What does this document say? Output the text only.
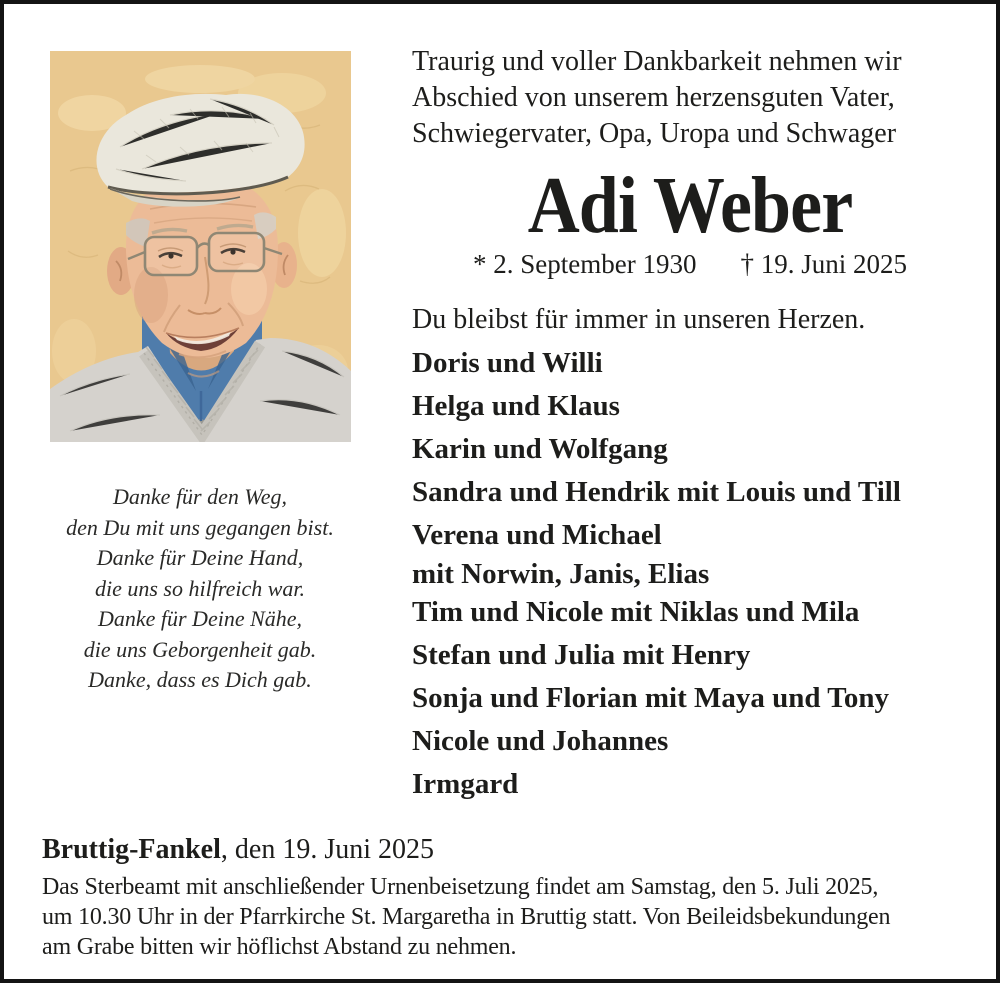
Danke für den Weg,
den Du mit uns gegangen bist.
Danke für Deine Hand,
die uns so hilfreich war.
Danke für Deine Nähe,
die uns Geborgenheit gab.
Danke, dass es Dich gab.
Traurig und voller Dankbarkeit nehmen wir
Abschied von unserem herzensguten Vater,
Schwiegervater, Opa, Uropa und Schwager
Adi Weber
* 2. September 1930 † 19. Juni 2025
Du bleibst für immer in unseren Herzen.
Doris und Willi
Helga und Klaus
Karin und Wolfgang
Sandra und Hendrik mit Louis und Till
Verena und Michael
mit Norwin, Janis, Elias
Tim und Nicole mit Niklas und Mila
Stefan und Julia mit Henry
Sonja und Florian mit Maya und Tony
Nicole und Johannes
Irmgard
Bruttig-Fankel, den 19. Juni 2025
Das Sterbeamt mit anschließender Urnenbeisetzung findet am Samstag, den 5. Juli 2025,
um 10.30 Uhr in der Pfarrkirche St. Margaretha in Bruttig statt. Von Beileidsbekundungen
am Grabe bitten wir höflichst Abstand zu nehmen.
